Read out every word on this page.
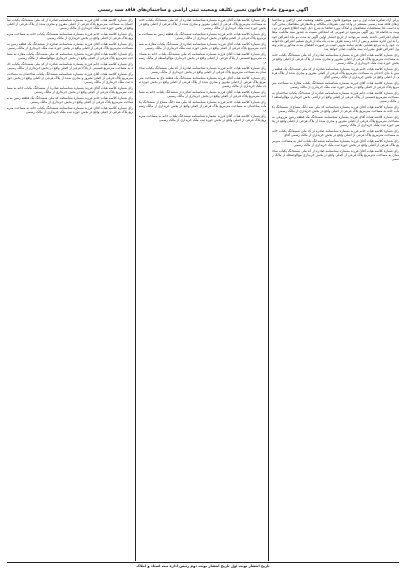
آگهی موضوع ماده ۳ قانون تعیین تکلیف وضعیت ثبتی اراضی و ساختمان‌های فاقد سند رسمی
برابر آراء صادره هیات اول و دوم موضوع قانون تعیین تکلیف وضعیت ثبتی اراضی و ساختمان‌های فاقد سند رسمی مستقر در واحد ثبتی تصرفات مالکانه و بلامعارض متقاضیان محرز گردیده است لذا مشخصات متقاضیان و املاک مورد تقاضا به شرح ذیل جهت اطلاع عموم در دو نوبت به فاصله ۱۵ روز آگهی می‌شود در صورتی که اشخاص نسبت به صدور سند مالکیت متقاضیان اعتراضی داشته باشند می‌توانند از تاریخ انتشار اولین آگهی به مدت دو ماه اعتراض خود را به این اداره تسلیم و پس از اخذ رسید ظرف مدت یک ماه از تاریخ تسلیم اعتراض دادخواست خود را به مرجع قضایی تقدیم نمایند بدیهی است در صورت انقضای مدت مذکور و عدم وصول اعتراض طبق مقررات سند مالکیت صادر خواهد شد
رای شماره کلاسه هیات آقای فرزند بشماره شناسنامه صادره از کد ملی ششدانگ یکباب خانه به مساحت مترمربع پلاک فرعی از اصلی مفروز و مجزی شده از پلاک فرعی از اصلی واقع در بخش حوزه ثبت ملک خریداری از مالک رسمی
رای شماره کلاسه هیات خانم فرزند بشماره شناسنامه صادره از کد ملی ششدانگ یک قطعه زمین با بنای احداثی به مساحت مترمربع پلاک فرعی از اصلی مفروز و مجزی شده از پلاک فرعی از اصلی واقع در بخش خریداری از مالک رسمی آقای
رای شماره کلاسه هیات آقای فرزند بشماره شناسنامه ششدانگ یکباب مغازه به مساحت مترمربع پلاک فرعی از اصلی واقع در بخش حوزه ثبت ملک خریداری از مالک رسمی
رای شماره کلاسه هیات خانم فرزند بشماره شناسنامه صادره از ششدانگ یکباب ساختمان به مساحت مترمربع قسمتی از پلاک فرعی از اصلی واقع در اراضی بخش خریداری مع‌الواسطه از مالک رسمی
رای شماره کلاسه هیات آقای فرزند بشماره شناسنامه کد ملی سه دانگ مشاع از ششدانگ یکباب خانه به مساحت مترمربع پلاک فرعی از اصلی واقع در بخش خریداری از مالک رسمی
رای شماره کلاسه هیات آقای فرزند بشماره شناسنامه ششدانگ یک قطعه زمین مزروعی به مساحت مترمربع پلاک فرعی از اصلی مفروز و مجزی شده از پلاک فرعی از اصلی واقع در بخش حوزه ثبت ملک خریداری از مالک رسمی
رای شماره کلاسه هیات خانم فرزند بشماره شناسنامه صادره از کد ملی ششدانگ یکباب خانه به مساحت مترمربع پلاک فرعی از اصلی واقع در بخش خریداری از مالک رسمی آقای
رای شماره کلاسه هیات آقای فرزند بشماره شناسنامه ششدانگ یکباب انبار به مساحت مترمربع پلاک فرعی از اصلی واقع در بخش حوزه ثبت ملک خریداری از مالک رسمی
رای شماره کلاسه هیات آقای فرزند بشماره شناسنامه صادره از کد ملی ششدانگ یکباب ساختمان به مساحت مترمربع پلاک فرعی از اصلی واقع در بخش خریداری مع‌الواسطه از مالک رسمی
رای شماره کلاسه هیات آقای فرزند بشماره شناسنامه صادره از کد ملی ششدانگ یکباب خانه به مساحت مترمربع پلاک فرعی از اصلی مفروز و مجزی شده از پلاک فرعی از اصلی واقع در بخش حوزه ثبت ملک خریداری از مالک رسمی
رای شماره کلاسه هیات خانم فرزند بشماره شناسنامه ششدانگ یک قطعه زمین به مساحت مترمربع پلاک فرعی از اصلی واقع در بخش خریداری از مالک رسمی
رای شماره کلاسه هیات آقای فرزند بشماره شناسنامه صادره از ششدانگ یکباب مغازه به مساحت مترمربع پلاک فرعی از اصلی واقع در بخش حوزه ثبت ملک خریداری از مالک رسمی
رای شماره کلاسه هیات آقای فرزند بشماره شناسنامه کد ملی ششدانگ یکباب خانه به مساحت مترمربع قسمتی از پلاک فرعی از اصلی واقع در بخش خریداری مع‌الواسطه از مالک رسمی
رای شماره کلاسه هیات خانم فرزند بشماره شناسنامه صادره از کد ملی ششدانگ یکباب ساختمان به مساحت مترمربع پلاک فرعی از اصلی واقع در بخش خریداری از مالک رسمی
رای شماره کلاسه هیات آقای فرزند بشماره شناسنامه ششدانگ یک قطعه باغ به مساحت مترمربع پلاک فرعی از اصلی مفروز و مجزی شده از پلاک فرعی از اصلی واقع در بخش حوزه ثبت ملک خریداری از مالک رسمی
رای شماره کلاسه هیات آقای فرزند بشماره شناسنامه صادره از ششدانگ یکباب خانه به مساحت مترمربع پلاک فرعی از اصلی واقع در بخش خریداری از مالک رسمی
رای شماره کلاسه هیات خانم فرزند بشماره شناسنامه کد ملی سه دانگ مشاع از ششدانگ یکباب ساختمان به مساحت مترمربع پلاک فرعی از اصلی واقع در بخش خریداری از مالک رسمی
رای شماره کلاسه هیات آقای فرزند بشماره شناسنامه ششدانگ یکباب خانه به مساحت مترمربع پلاک فرعی از اصلی واقع در بخش حوزه ثبت ملک خریداری از مالک رسمی
رای شماره کلاسه هیات آقای فرزند بشماره شناسنامه صادره از کد ملی ششدانگ یکباب ساختمان به مساحت مترمربع پلاک فرعی از اصلی مفروز و مجزی شده از پلاک فرعی از اصلی واقع در بخش حوزه ثبت ملک خریداری از مالک رسمی
رای شماره کلاسه هیات خانم فرزند بشماره شناسنامه ششدانگ یکباب خانه به مساحت مترمربع پلاک فرعی از اصلی واقع در بخش خریداری از مالک رسمی
رای شماره کلاسه هیات آقای فرزند بشماره شناسنامه صادره از ششدانگ یک قطعه زمین به مساحت مترمربع پلاک فرعی از اصلی واقع در بخش حوزه ثبت ملک خریداری از مالک رسمی
رای شماره کلاسه هیات آقای فرزند بشماره شناسنامه کد ملی ششدانگ یکباب مغازه به مساحت مترمربع پلاک فرعی از اصلی واقع در بخش خریداری مع‌الواسطه از مالک رسمی
رای شماره کلاسه هیات خانم فرزند بشماره شناسنامه صادره از کد ملی ششدانگ یکباب خانه به مساحت مترمربع قسمتی از پلاک فرعی از اصلی واقع در بخش خریداری از مالک رسمی
رای شماره کلاسه هیات آقای فرزند بشماره شناسنامه ششدانگ یکباب ساختمان به مساحت مترمربع پلاک فرعی از اصلی مفروز و مجزی شده از پلاک فرعی از اصلی واقع در بخش حوزه ثبت ملک خریداری از مالک رسمی
رای شماره کلاسه هیات آقای فرزند بشماره شناسنامه صادره از ششدانگ یکباب خانه به مساحت مترمربع پلاک فرعی از اصلی واقع در بخش خریداری از مالک رسمی
رای شماره کلاسه هیات خانم فرزند بشماره شناسنامه کد ملی ششدانگ یک قطعه زمین به مساحت مترمربع پلاک فرعی از اصلی واقع در بخش خریداری از مالک رسمی
رای شماره کلاسه هیات آقای فرزند بشماره شناسنامه ششدانگ یکباب خانه به مساحت مترمربع پلاک فرعی از اصلی واقع در بخش حوزه ثبت ملک خریداری از مالک رسمی
تاریخ انتشار نوبت اول تاریخ انتشار نوبت دوم رئیس اداره ثبت اسناد و املاک
